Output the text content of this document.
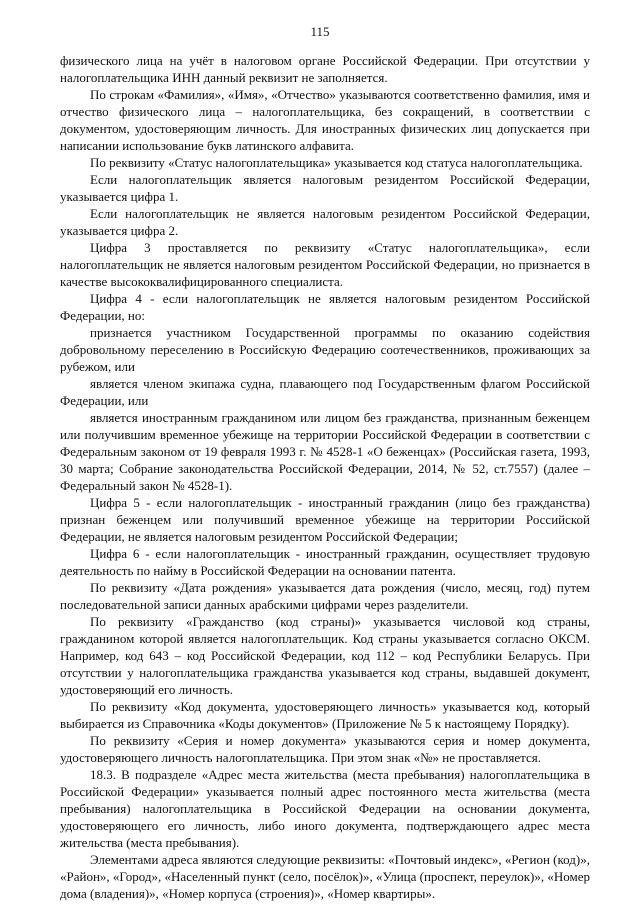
115

физического лица на учёт в налоговом органе Российской Федерации. При отсутствии у налогоплательщика ИНН данный реквизит не заполняется.

По строкам «Фамилия», «Имя», «Отчество» указываются соответственно фамилия, имя и отчество физического лица – налогоплательщика, без сокращений, в соответствии с документом, удостоверяющим личность. Для иностранных физических лиц допускается при написании использование букв латинского алфавита.

По реквизиту «Статус налогоплательщика» указывается код статуса налогоплательщика.

Если налогоплательщик является налоговым резидентом Российской Федерации, указывается цифра 1.

Если налогоплательщик не является налоговым резидентом Российской Федерации, указывается цифра 2.

Цифра 3 проставляется по реквизиту «Статус налогоплательщика», если налогоплательщик не является налоговым резидентом Российской Федерации, но признается в качестве высококвалифицированного специалиста.

Цифра 4 - если налогоплательщик не является налоговым резидентом Российской Федерации, но:

признается участником Государственной программы по оказанию содействия добровольному переселению в Российскую Федерацию соотечественников, проживающих за рубежом, или

является членом экипажа судна, плавающего под Государственным флагом Российской Федерации, или

является иностранным гражданином или лицом без гражданства, признанным беженцем или получившим временное убежище на территории Российской Федерации в соответствии с Федеральным законом от 19 февраля 1993 г. № 4528-1 «О беженцах» (Российская газета, 1993, 30 марта; Собрание законодательства Российской Федерации, 2014, № 52, ст.7557) (далее – Федеральный закон № 4528-1).

Цифра 5 - если налогоплательщик - иностранный гражданин (лицо без гражданства) признан беженцем или получивший временное убежище на территории Российской Федерации, не является налоговым резидентом Российской Федерации;

Цифра 6 - если налогоплательщик - иностранный гражданин, осуществляет трудовую деятельность по найму в Российской Федерации на основании патента.

По реквизиту «Дата рождения» указывается дата рождения (число, месяц, год) путем последовательной записи данных арабскими цифрами через разделители.

По реквизиту «Гражданство (код страны)» указывается числовой код страны, гражданином которой является налогоплательщик. Код страны указывается согласно ОКСМ. Например, код 643 – код Российской Федерации, код 112 – код Республики Беларусь. При отсутствии у налогоплательщика гражданства указывается код страны, выдавшей документ, удостоверяющий его личность.

По реквизиту «Код документа, удостоверяющего личность» указывается код, который выбирается из Справочника «Коды документов» (Приложение № 5 к настоящему Порядку).

По реквизиту «Серия и номер документа» указываются серия и номер документа, удостоверяющего личность налогоплательщика. При этом знак «№» не проставляется.

18.3. В подразделе «Адрес места жительства (места пребывания) налогоплательщика в Российской Федерации» указывается полный адрес постоянного места жительства (места пребывания) налогоплательщика в Российской Федерации на основании документа, удостоверяющего его личность, либо иного документа, подтверждающего адрес места жительства (места пребывания).

Элементами адреса являются следующие реквизиты: «Почтовый индекс», «Регион (код)», «Район», «Город», «Населенный пункт (село, посёлок)», «Улица (проспект, переулок)», «Номер дома (владения)», «Номер корпуса (строения)», «Номер квартиры».
